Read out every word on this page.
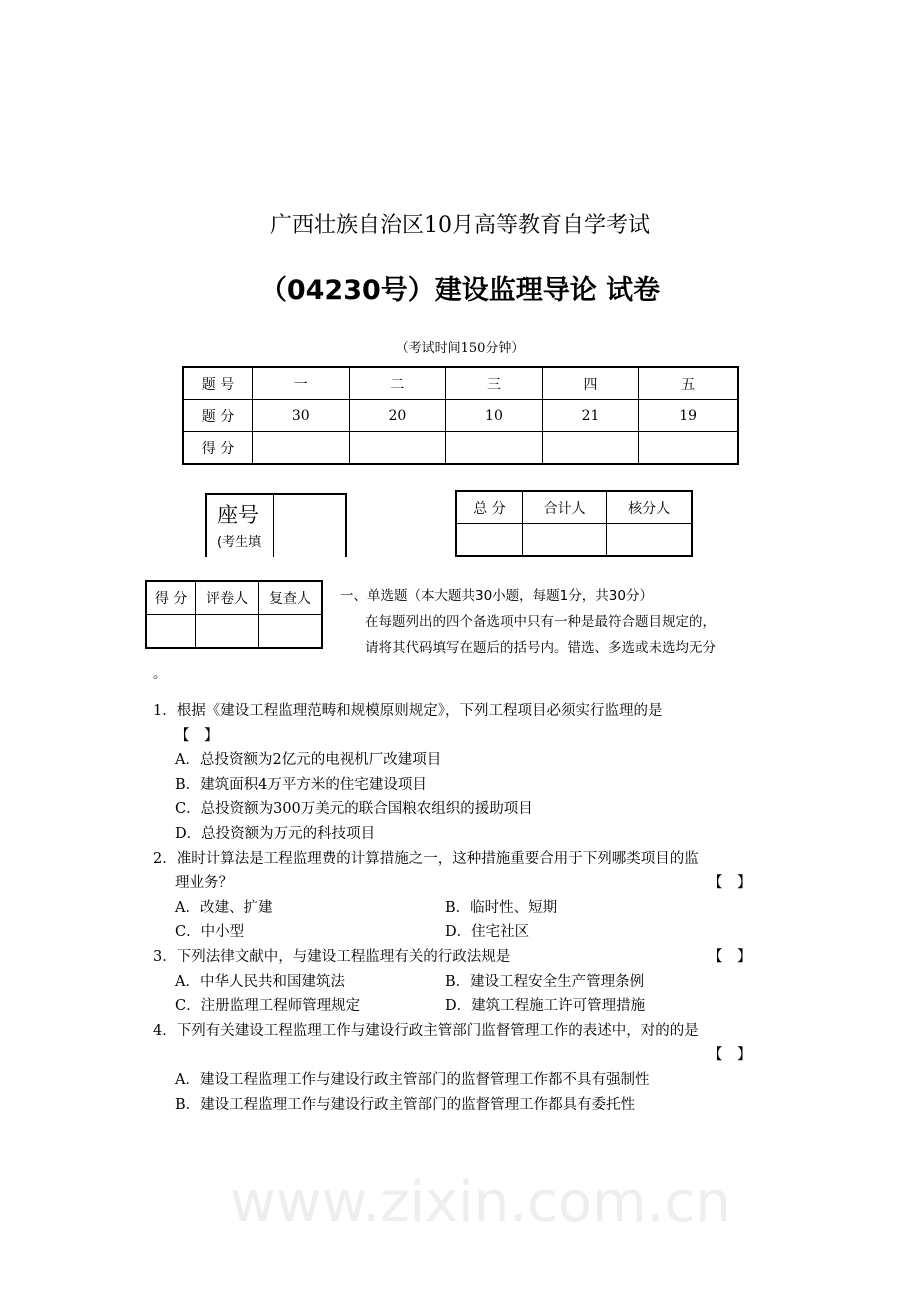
www.zixin.com.cn
广西壮族自治区10月高等教育自学考试
（04230号）建设监理导论 试卷
（考试时间150分钟）
题 号	一	二	三	四	五
题 分	30	20	10	21	19
得 分					
座号
(考生填
总 分	合计人	核分人

得 分	评卷人	复查人
		一、单选题（本大题共30小题，每题1分，共30分）
在每题列出的四个备选项中只有一种是最符合题目规定的，
请将其代码填写在题后的括号内。错选、多选或未选均无分
。
1．根据《建设工程监理范畴和规模原则规定》，下列工程项目必须实行监理的是
【　】
A．总投资额为2亿元的电视机厂改建项目
B．建筑面积4万平方米的住宅建设项目
C．总投资额为300万美元的联合国粮农组织的援助项目
D．总投资额为万元的科技项目
2．准时计算法是工程监理费的计算措施之一，这种措施重要合用于下列哪类项目的监
理业务？	【　】
A．改建、扩建	B．临时性、短期
C．中小型	D．住宅社区
3．下列法律文献中，与建设工程监理有关的行政法规是	【　】
A．中华人民共和国建筑法	B．建设工程安全生产管理条例
C．注册监理工程师管理规定	D．建筑工程施工许可管理措施
4．下列有关建设工程监理工作与建设行政主管部门监督管理工作的表述中，对的的是
【　】
A．建设工程监理工作与建设行政主管部门的监督管理工作都不具有强制性
B．建设工程监理工作与建设行政主管部门的监督管理工作都具有委托性
